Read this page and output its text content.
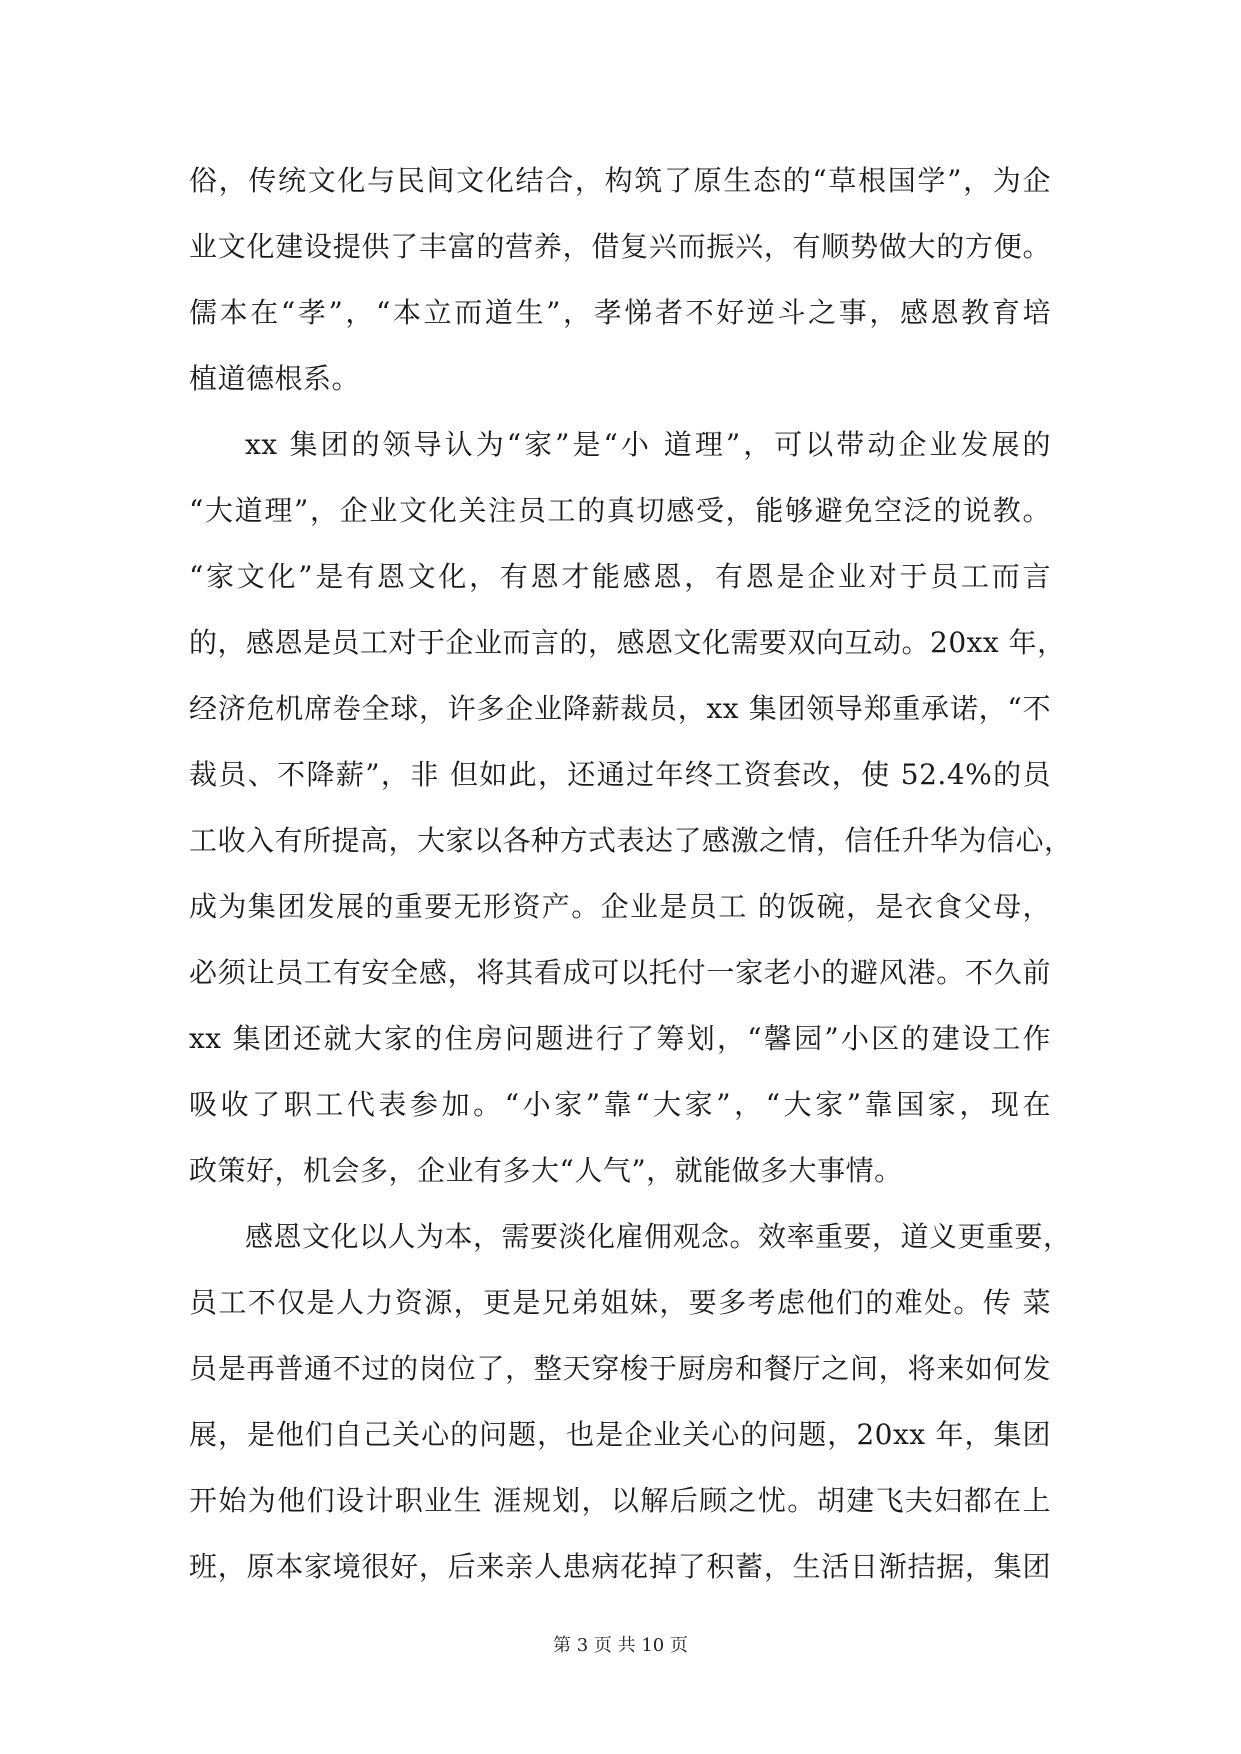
俗，传统文化与民间文化结合，构筑了原生态的“草根国学”，为企
业文化建设提供了丰富的营养，借复兴而振兴，有顺势做大的方便。
儒本在“孝”，“本立而道生”，孝悌者不好逆斗之事，感恩教育培
植道德根系。
xx 集团的领导认为“家”是“小 道理”，可以带动企业发展的
“大道理”，企业文化关注员工的真切感受，能够避免空泛的说教。
“家文化”是有恩文化，有恩才能感恩，有恩是企业对于员工而言
的，感恩是员工对于企业而言的，感恩文化需要双向互动。20xx 年，
经济危机席卷全球，许多企业降薪裁员，xx 集团领导郑重承诺，“不
裁员、不降薪”，非 但如此，还通过年终工资套改，使 52.4%的员
工收入有所提高，大家以各种方式表达了感激之情，信任升华为信心，
成为集团发展的重要无形资产。企业是员工 的饭碗，是衣食父母，
必须让员工有安全感，将其看成可以托付一家老小的避风港。不久前
xx 集团还就大家的住房问题进行了筹划，“馨园”小区的建设工作
吸收了职工代表参加。“小家”靠“大家”，“大家”靠国家，现在
政策好，机会多，企业有多大“人气”，就能做多大事情。
感恩文化以人为本，需要淡化雇佣观念。效率重要，道义更重要，
员工不仅是人力资源，更是兄弟姐妹，要多考虑他们的难处。传 菜
员是再普通不过的岗位了，整天穿梭于厨房和餐厅之间，将来如何发
展，是他们自己关心的问题，也是企业关心的问题，20xx 年，集团
开始为他们设计职业生 涯规划，以解后顾之忧。胡建飞夫妇都在上
班，原本家境很好，后来亲人患病花掉了积蓄，生活日渐拮据，集团
第 3 页 共 10 页
